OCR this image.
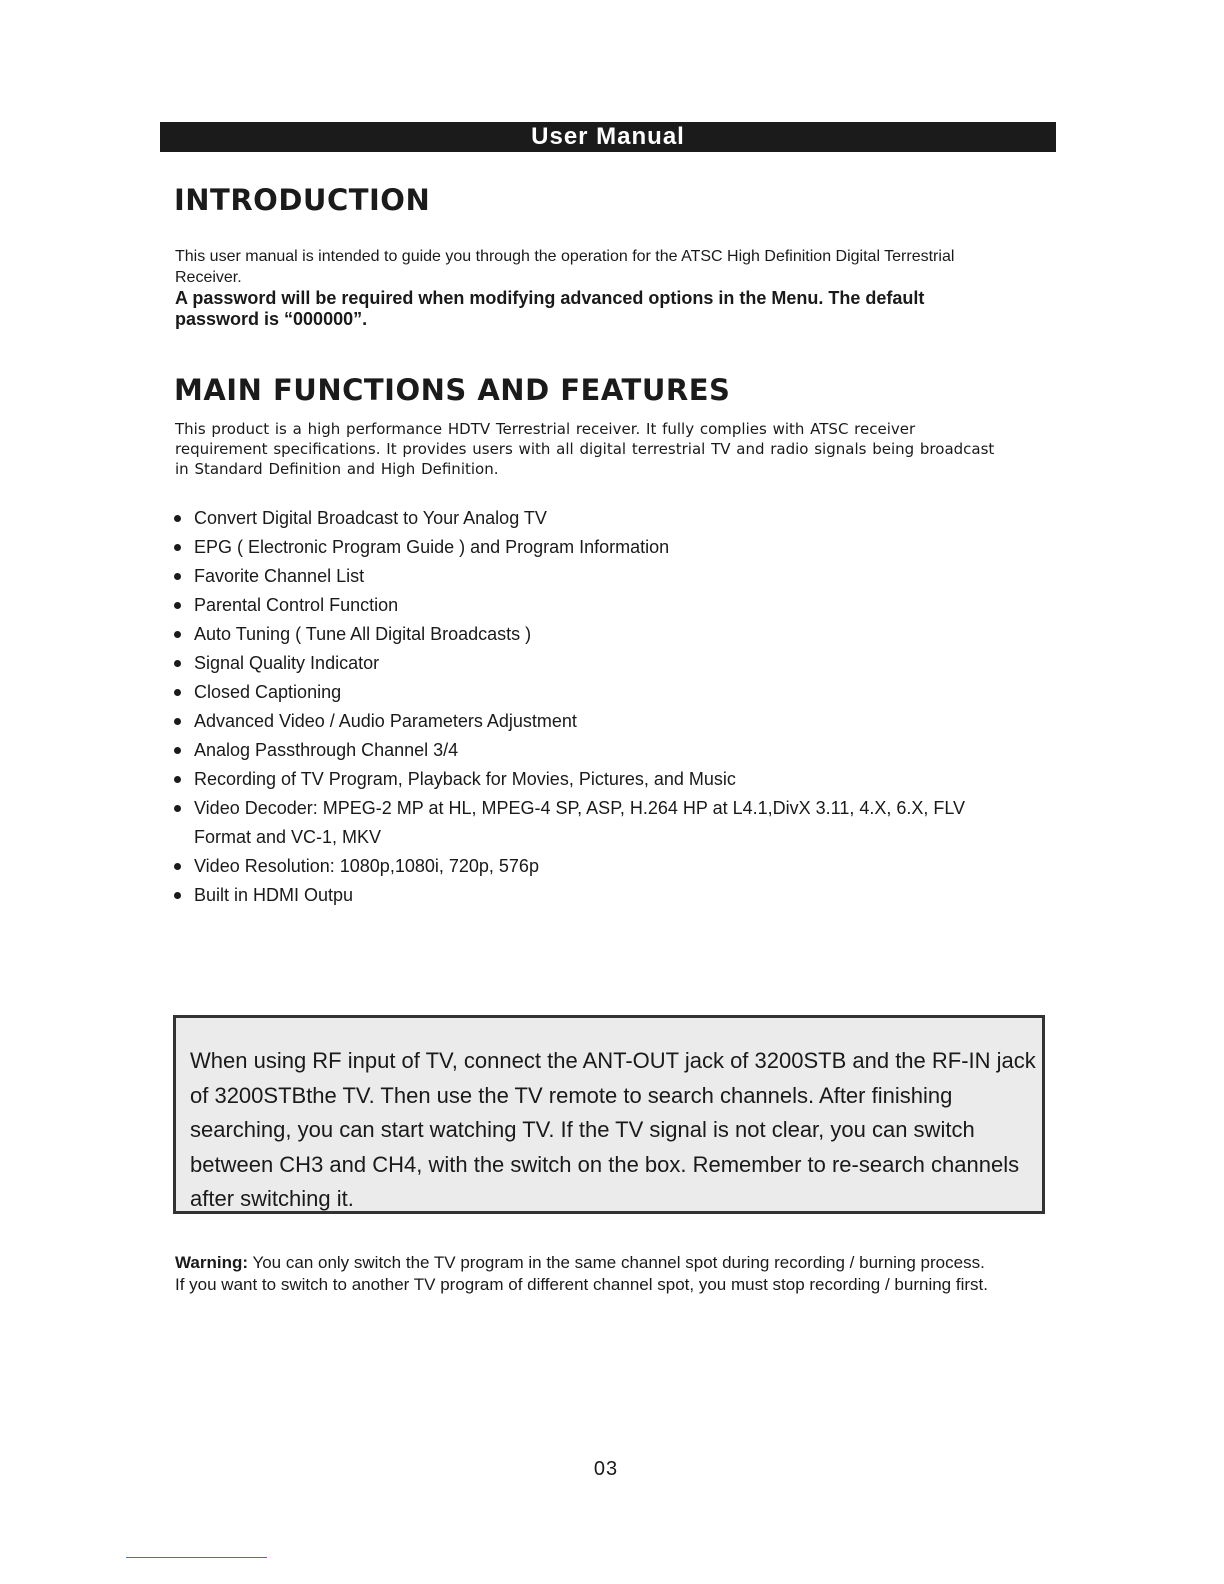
User Manual
INTRODUCTION

This user manual is intended to guide you through the operation for the ATSC High Definition Digital Terrestrial Receiver.

A password will be required when modifying advanced options in the Menu. The default password is “000000”.

MAIN FUNCTIONS AND FEATURES

This product is a high performance HDTV Terrestrial receiver. It fully complies with ATSC receiver requirement specifications. It provides users with all digital terrestrial TV and radio signals being broadcast in Standard Definition and High Definition.

Convert Digital Broadcast to Your Analog TV
EPG ( Electronic Program Guide ) and Program Information
Favorite Channel List
Parental Control Function
Auto Tuning ( Tune All Digital Broadcasts )
Signal Quality Indicator
Closed Captioning
Advanced Video / Audio Parameters Adjustment
Analog Passthrough Channel 3/4
Recording of TV Program, Playback for Movies, Pictures, and Music
Video Decoder: MPEG-2 MP at HL, MPEG-4 SP, ASP, H.264 HP at L4.1,DivX 3.11, 4.X, 6.X, FLV Format and VC-1, MKV
Video Resolution: 1080p,1080i, 720p, 576p
Built in HDMI Outpu

When using RF input of TV, connect the ANT-OUT jack of 3200STB and the RF-IN jack of 3200STBthe TV. Then use the TV remote to search channels. After finishing searching, you can start watching TV. If the TV signal is not clear, you can switch between CH3 and CH4, with the switch on the box. Remember to re-search channels after switching it.

Warning: You can only switch the TV program in the same channel spot during recording / burning process. If you want to switch to another TV program of different channel spot, you must stop recording / burning first.

03
